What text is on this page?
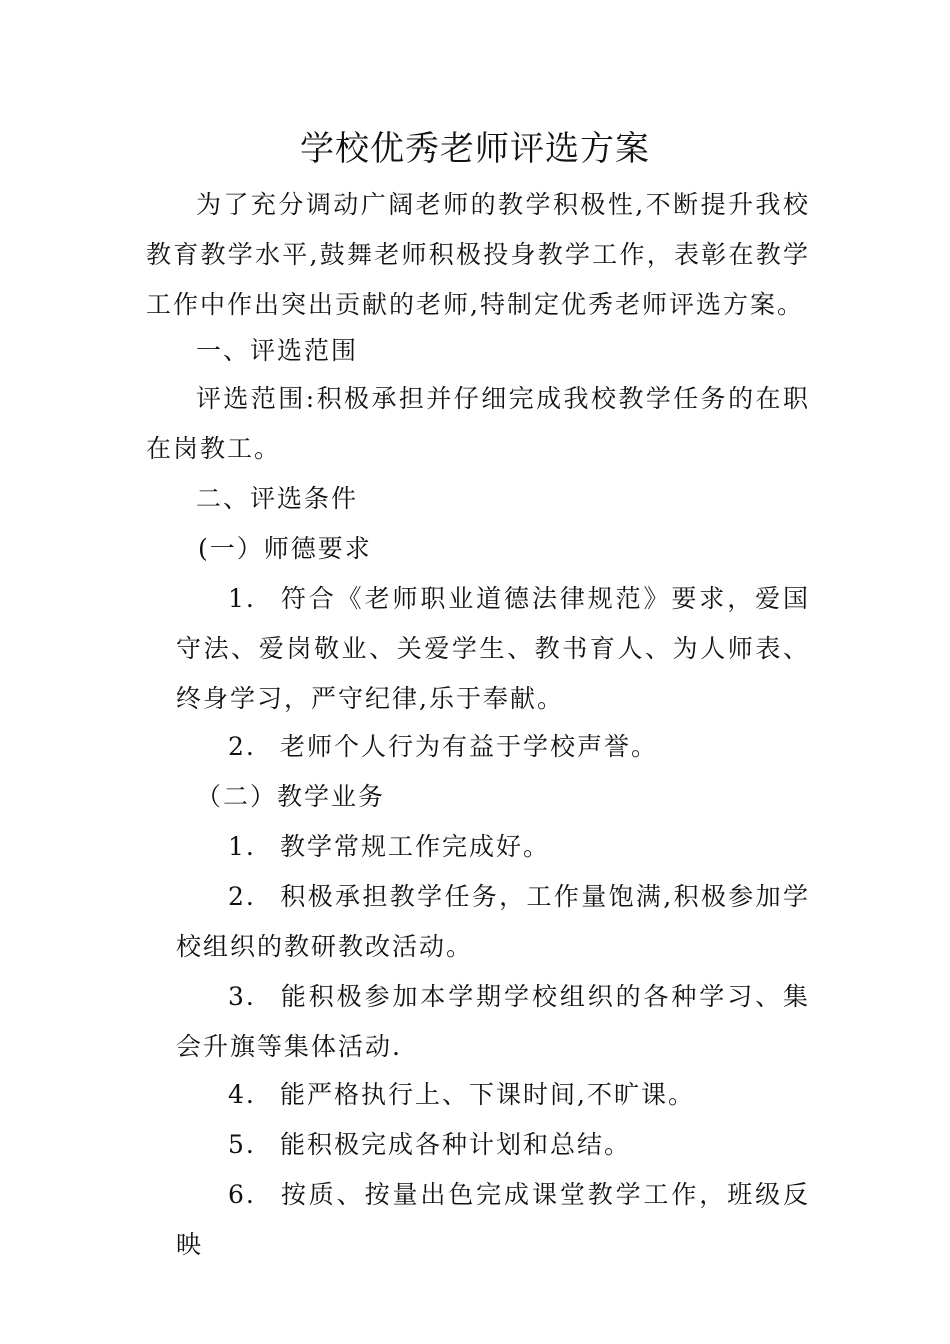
学校优秀老师评选方案
为了充分调动广阔老师的教学积极性,不断提升我校教育教学水平,鼓舞老师积极投身教学工作，表彰在教学工作中作出突出贡献的老师,特制定优秀老师评选方案。
一、评选范围
评选范围:积极承担并仔细完成我校教学任务的在职在岗教工。
二、评选条件
(一）师德要求
1. 符合《老师职业道德法律规范》要求，爱国守法、爱岗敬业、关爱学生、教书育人、为人师表、终身学习，严守纪律,乐于奉献。
2. 老师个人行为有益于学校声誉。
（二）教学业务
1. 教学常规工作完成好。
2. 积极承担教学任务，工作量饱满,积极参加学校组织的教研教改活动。
3. 能积极参加本学期学校组织的各种学习、集会升旗等集体活动.
4. 能严格执行上、下课时间,不旷课。
5. 能积极完成各种计划和总结。
6. 按质、按量出色完成课堂教学工作，班级反映
